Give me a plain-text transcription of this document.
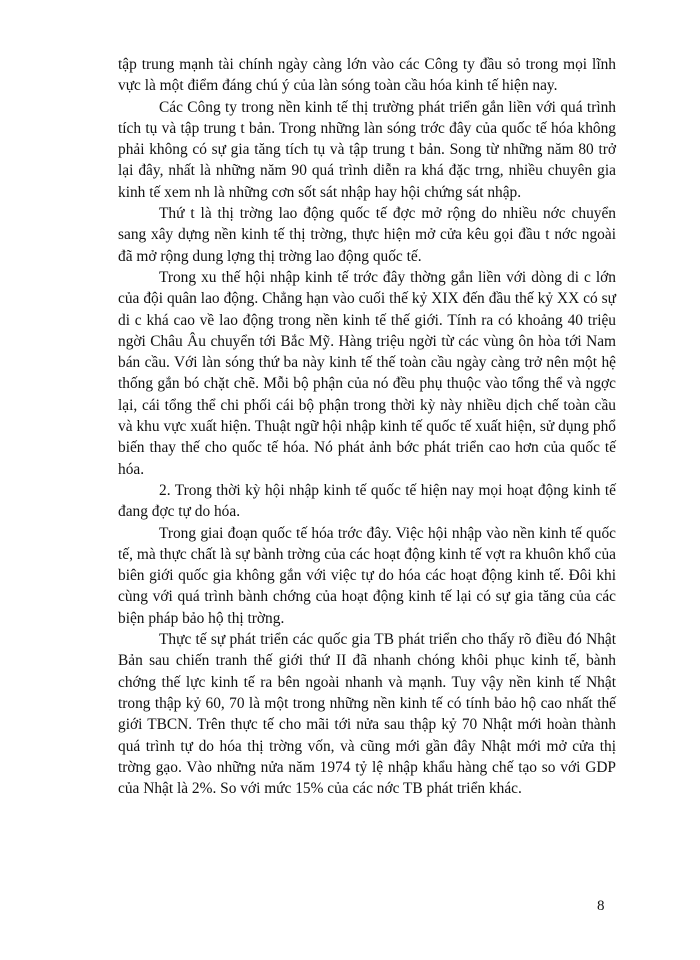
tập trung mạnh tài chính ngày càng lớn vào các Công ty đầu sỏ trong mọi lĩnh vực là một điểm đáng chú ý của làn sóng toàn cầu hóa kinh tế hiện nay.

Các Công ty trong nền kinh tế thị trường phát triển gắn liền với quá trình tích tụ và tập trung t bản. Trong những làn sóng trớc đây của quốc tế hóa không phải không có sự gia tăng tích tụ và tập trung t bản. Song từ những năm 80 trở lại đây, nhất là những năm 90 quá trình diễn ra khá đặc trng, nhiều chuyên gia kinh tế xem nh là những cơn sốt sát nhập hay hội chứng sát nhập.

Thứ t là thị trờng lao động quốc tế đợc mở rộng do nhiều nớc chuyển sang xây dựng nền kinh tế thị trờng, thực hiện mở cửa kêu gọi đầu t nớc ngoài đã mở rộng dung lợng thị trờng lao động quốc tế.

Trong xu thế hội nhập kinh tế trớc đây thờng gắn liền với dòng di c lớn của đội quân lao động. Chẳng hạn vào cuối thế kỷ XIX đến đầu thế kỷ XX có sự di c khá cao về lao động trong nền kinh tế thế giới. Tính ra có khoảng 40 triệu ngời Châu Âu chuyển tới Bắc Mỹ. Hàng triệu ngời từ các vùng ôn hòa tới Nam bán cầu. Với làn sóng thứ ba này kinh tế thế toàn cầu ngày càng trở nên một hệ thống gắn bó chặt chẽ. Mỗi bộ phận của nó đều phụ thuộc vào tổng thể và ngợc lại, cái tổng thể chi phối cái bộ phận trong thời kỳ này nhiều dịch chế toàn cầu và khu vực xuất hiện. Thuật ngữ hội nhập kinh tế quốc tế xuất hiện, sử dụng phổ biến thay thế cho quốc tế hóa. Nó phát ảnh bớc phát triển cao hơn của quốc tế hóa.

2. Trong thời kỳ hội nhập kinh tế quốc tế hiện nay mọi hoạt động kinh tế đang đợc tự do hóa.

Trong giai đoạn quốc tế hóa trớc đây. Việc hội nhập vào nền kinh tế quốc tế, mà thực chất là sự bành trờng của các hoạt động kinh tế vợt ra khuôn khổ của biên giới quốc gia không gắn với việc tự do hóa các hoạt động kinh tế. Đôi khi cùng với quá trình bành chớng của hoạt động kinh tế lại có sự gia tăng của các biện pháp bảo hộ thị trờng.

Thực tế sự phát triển các quốc gia TB phát triển cho thấy rõ điều đó Nhật Bản sau chiến tranh thế giới thứ II đã nhanh chóng khôi phục kinh tế, bành chớng thế lực kinh tế ra bên ngoài nhanh và mạnh. Tuy vậy nền kinh tế Nhật trong thập kỷ 60, 70 là một trong những nền kinh tế có tính bảo hộ cao nhất thế giới TBCN. Trên thực tế cho mãi tới nửa sau thập kỷ 70 Nhật mới hoàn thành quá trình tự do hóa thị trờng vốn, và cũng mới gần đây Nhật mới mở cửa thị trờng gạo. Vào những nửa năm 1974 tỷ lệ nhập khẩu hàng chế tạo so với GDP của Nhật là 2%. So với mức 15% của các nớc TB phát triển khác.

8
